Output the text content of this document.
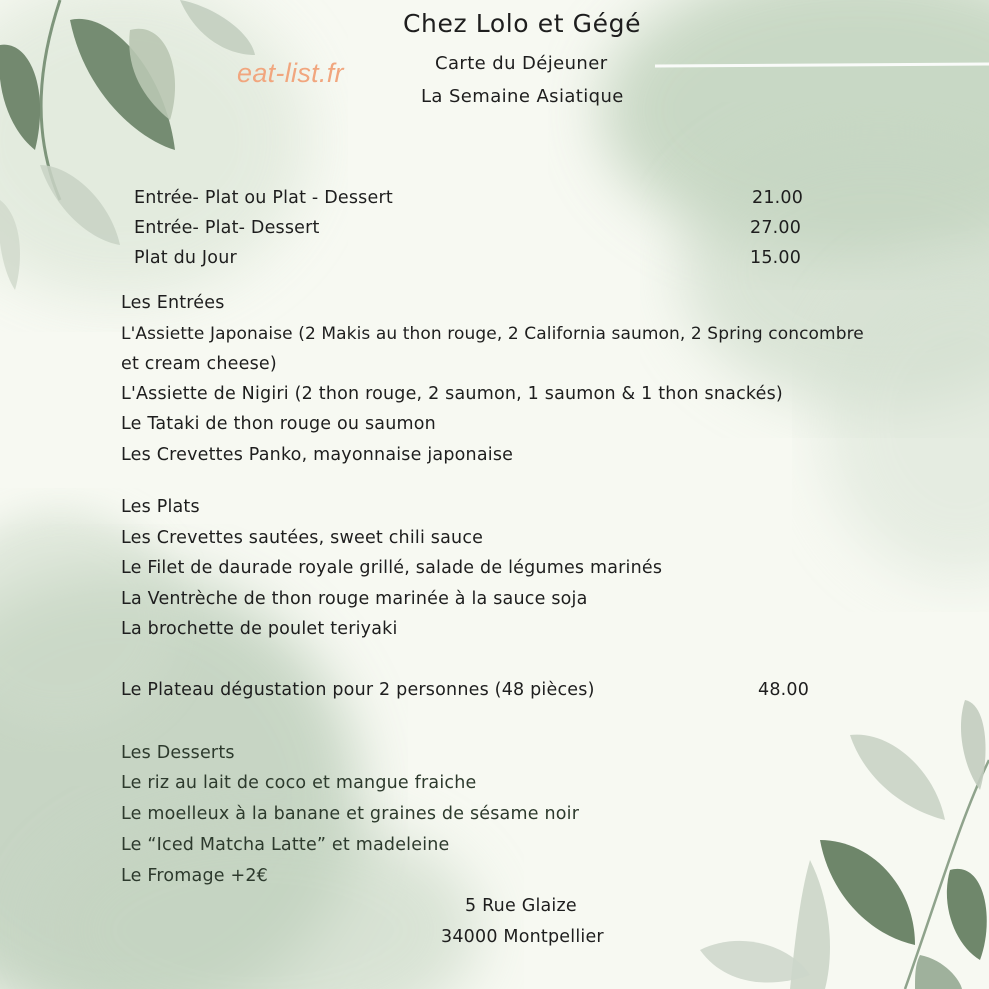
eat-list.fr
Chez Lolo et Gégé
Carte du Déjeuner
La Semaine Asiatique
Entrée- Plat ou Plat - Dessert	21.00
Entrée- Plat- Dessert	27.00
Plat du Jour	15.00
Les Entrées
L'Assiette Japonaise (2 Makis au thon rouge, 2 California saumon, 2 Spring concombre
et cream cheese)
L'Assiette de Nigiri (2 thon rouge, 2 saumon, 1 saumon & 1 thon snackés)
Le Tataki de thon rouge ou saumon
Les Crevettes Panko, mayonnaise japonaise
Les Plats
Les Crevettes sautées, sweet chili sauce
Le Filet de daurade royale grillé, salade de légumes marinés
La Ventrèche de thon rouge marinée à la sauce soja
La brochette de poulet teriyaki
Le Plateau dégustation pour 2 personnes (48 pièces)	48.00
Les Desserts
Le riz au lait de coco et mangue fraiche
Le moelleux à la banane et graines de sésame noir
Le “Iced Matcha Latte” et madeleine
Le Fromage +2€
5 Rue Glaize
34000 Montpellier
